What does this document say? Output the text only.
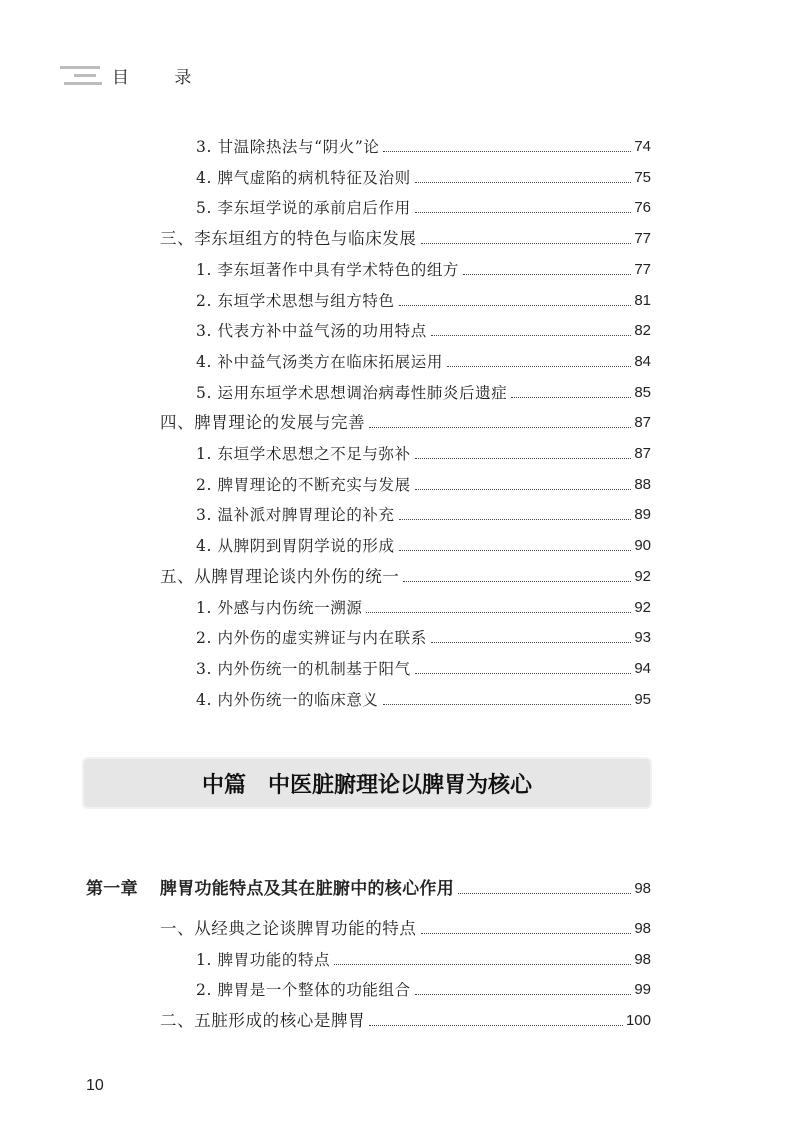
目 录
3. 甘温除热法与“阴火”论	74
4. 脾气虚陷的病机特征及治则	75
5. 李东垣学说的承前启后作用	76
三、李东垣组方的特色与临床发展	77
1. 李东垣著作中具有学术特色的组方	77
2. 东垣学术思想与组方特色	81
3. 代表方补中益气汤的功用特点	82
4. 补中益气汤类方在临床拓展运用	84
5. 运用东垣学术思想调治病毒性肺炎后遗症	85
四、脾胃理论的发展与完善	87
1. 东垣学术思想之不足与弥补	87
2. 脾胃理论的不断充实与发展	88
3. 温补派对脾胃理论的补充	89
4. 从脾阴到胃阴学说的形成	90
五、从脾胃理论谈内外伤的统一	92
1. 外感与内伤统一溯源	92
2. 内外伤的虚实辨证与内在联系	93
3. 内外伤统一的机制基于阳气	94
4. 内外伤统一的临床意义	95
中篇 中医脏腑理论以脾胃为核心
第一章 脾胃功能特点及其在脏腑中的核心作用	98
一、从经典之论谈脾胃功能的特点	98
1. 脾胃功能的特点	98
2. 脾胃是一个整体的功能组合	99
二、五脏形成的核心是脾胃	100
10
